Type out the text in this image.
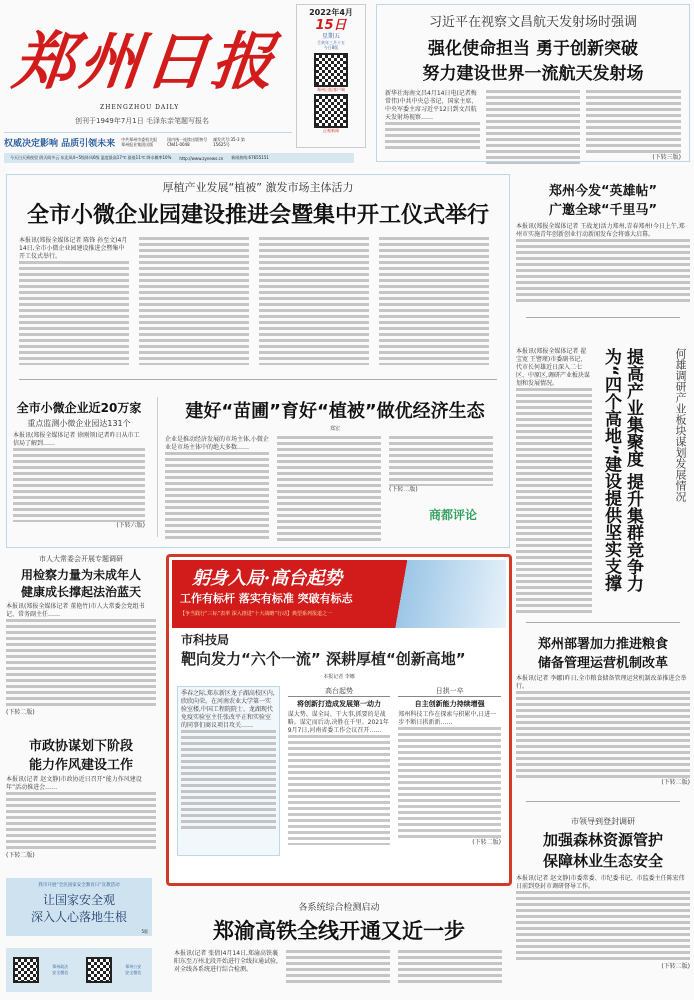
郑州日报
ZHENGZHOU DAILY
创刊于1949年7月1日 毛泽东亲笔题写报名
权威决定影响 品质引领未来 中共郑州市委机关报 郑州报业集团出版
国内统一连续出版物号 CN41-0048
邮发代号:35-3 第15625号
今天白天到夜里 阴天间多云 东北风4~5级阵风6级 温度最高17℃ 最低11℃ 降水概率10% http://www.zynews.cn 新闻热线:67655151
2022年4月
15日
星期五
壬寅年三月十五
今日8版
郑州日报客户端
正观新闻
习近平在视察文昌航天发射场时强调
强化使命担当 勇于创新突破
努力建设世界一流航天发射场
新华社海南文昌4月14日电(记者梅常伟)中共中央总书记、国家主席、中央军委主席习近平12日到文昌航天发射场视察……
(下转三版)
厚植产业发展“植被” 激发市场主体活力
全市小微企业园建设推进会暨集中开工仪式举行
本报讯(郑报全媒体记者 陈锋 孙至文)4月14日,全市小微企业园建设推进会暨集中开工仪式举行。
全市小微企业近20万家
重点监测小微企业园达131个
本报讯(郑报全媒体记者 徐刚领)记者昨日从市工信局了解到……
(下转六版)
建好“苗圃”育好“植被”做优经济生态
郑宏
企业是推动经济发展的市场主体,小微企业是市场主体中的绝大多数……
(下转二版)
商都评论
郑州今发“英雄帖”
广邀全球“千里马”
本报讯(郑报全媒体记者 王战龙)活力郑州,青春郑州!今日上午,郑州市实施青年创新创业行动新闻发布会将盛大启幕。
本报讯(郑报全媒体记者 翟宝宽 王譬瑾)市委副书记、代市长何雄近日深入二七区、中原区,调研产业板块谋划和发展情况。	提高产业集聚度 提升集群竞争力
为“四个高地”建设提供坚实支撑	何雄调研产业板块谋划发展情况
郑州部署加力推进粮食
储备管理运营机制改革
本报讯(记者 李娜)昨日,全市粮食储备管理运营机制改革推进会举行。
(下转二版)
市领导到登封调研
加强森林资源管护
保障林业生态安全
本报讯(记者 赵文静)市委常委、市纪委书记、市监委主任陈宏伟日前到登封市调研督导工作。
(下转二版)
市人大常委会开展专题调研
用检察力量为未成年人
健康成长撑起法治蓝天
本报讯(郑报全媒体记者 董艳竹)市人大常委会党组书记、常务副主任……
(下转二版)
市政协谋划下阶段
能力作风建设工作
本报讯(记者 赵文静)市政协近日召开“能力作风建设年”活动推进会……
(下转二版)
我市开展“全民国家安全教育日”宣教活动
让国家安全观
深入人心落地生根
5版
郑州政法 安全微信
郑州公安 安全微信
躬身入局·高台起势
工作有标杆 落实有标准 突破有标志
【争当践行“三标”表率 深入推进“十大战略”行动】典型系列报道之一
市科技局
靶向发力“六个一流” 深耕厚植“创新高地”
本报记者 李娜
季春之际,郑东新区龙子湖高校区内,欣欣向荣。在河南农业大学第一实验室楼,中国工程院院士、龙湖现代免疫实验室主任张改平正和实验室的同事们商议项目攻关……
高台起势
将创新打造成发展第一动力
谋大势、谋全局、干大事,抓要的是战略。谋定而后动,决胜在千里。2021年9月7日,河南省委工作会议召开……
日拱一卒
自主创新能力持续增强
郑州科技工作在探索与积累中,日进一步不断日拱新新……
(下转二版)
各系统综合检测启动
郑渝高铁全线开通又近一步
本报讯(记者 张倩)4月14日,郑渝高铁襄阳东至万州北段开始进行全线拉通试验,对全线各系统进行综合检测。
